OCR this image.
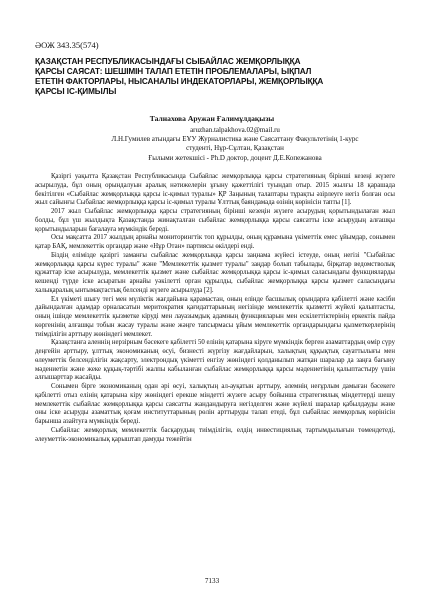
ӘОЖ 343.35(574)
ҚАЗАҚСТАН РЕСПУБЛИКАСЫНДАҒЫ СЫБАЙЛАС ЖЕМҚОРЛЫҚҚА
ҚАРСЫ САЯСАТ: ШЕШІМІН ТАЛАП ЕТЕТІН ПРОБЛЕМАЛАРЫ, ЫҚПАЛ
ЕТЕТІН ФАКТОРЛАРЫ, НЫСАНАЛЫ ИНДЕКАТОРЛАРЫ, ЖЕМҚОРЛЫҚҚА
ҚАРСЫ ІС-ҚИМЫЛЫ
Талнахова Аружан Ғалимұлдақызы
aruzhan.talpakhova.02@mail.ru
Л.Н.Гумилев атындағы ЕҰУ Журналистика және Саясаттану Факультетінің 1-курс
студенті, Нұр-Сұлтан, Қазақстан
Ғылыми жетекшісі - Ph.D доктор, доцент Д.Е.Копежанова

Қазіргі уақытта Қазақстан Республикасында Сыбайлас жемқорлыққа қарсы стратегияның бірінші кезеңі жүзеге асырылуда, бұл оның орындалуын аралық нәтижелерін ұғыну қажеттілігі туындап отыр. 2015 жылғы 18 қарашада бекітілген «Сыбайлас жемқорлыққа қарсы іс-қимыл туралы» ҚР Заңының талаптары тұрақты әзірлеуге негіз болған осы жыл сайынғы Сыбайлас жемқорлыққа қарсы іс-қимыл туралы Ұлттық баяндамада өзінің көрінісін тапты [1].

2017 жыл Сыбайлас жемқорлыққа қарсы стратегияның бірінші кезеңін жүзеге асырудың қорытындылаған жыл болды, бұл үш жылдықта Қазақстанда жинақталған сыбайлас жемқорлыққа қарсы саясатты іске асырудың алғашқы қорытындыларын бағалауға мүмкіндік береді.

Осы мақсатта 2017 жылдың арнайы мониторингтік топ құрылды, оның құрамына үкіметтік емес ұйымдар, сонымен қатар БАҚ, мемлекеттік органдар және «Нұр Отан» партиясы өкілдері енді.

Біздің елімізде қазіргі заманғы сыбайлас жемқорлыққа қарсы заңнама жүйесі істеуде, оның негізі "Сыбайлас жемқорлыққа қарсы күрес туралы" және "Мемлекеттік қызмет туралы" заңдар болып табылады, бірқатар ведомстволық құжаттар іске асырылуда, мемлекеттік қызмет және сыбайлас жемқорлыққа қарсы іс-қимыл саласындағы функцияларды кешенді түрде іске асыратын арнайы уәкілетті орган құрылды, сыбайлас жемқорлыққа қарсы қызмет саласындағы халықаралық ынтымақтастық белсенді жүзеге асырылуда [2].

Ел үкіметі шығу тегі мен мүліктік жағдайына қарамастан, оның елінде басшылық орындарға қабілетті және кәсіби дайындалған адамдар орналасатын меритократия қағидаттарының негізінде мемлекеттік қызметті жүйелі қалыптасты, оның ішінде мемлекеттік қызметке кіруді мен лауазымдық адамның функцияларын мен ескілеттіктерінің еркектік пайда көргенінің алғашқы тобын жасау туралы және жәңге тапсырмасы ұйым мемлекеттік органдарындағы қызметкерлерінің тиімділігін арттыру жөніндегі мемлекет.

Қазақстанға аленнің нерзірным бәсекеге қабілетті 50 елінің қатарына кіруге мүмкіндік берген азаматтардың өмір сүру деңгейін арттыру, ұлттық экономиканың өсуі, бизнесті жүргізу жағдайларын, халықтың құқықтық сауаттылығы мен өлеуметтік белсенділігін жақсарту, электрондық үкіметті енгізу жөніндегі қолданылып жатқан шаралар да заңға бағыну мәдениетін және жеке құқық-тәртібі жалпы кабыланған сыбайлас жемқорлыққа қарсы мәдениетінің қалыптастыру үшін алғышарттар жасайды.

Сонымен бірге экономиканың одан әрі өсуі, халықтың ал-ауқатын арттыру, әлемнің неғұрлым дамыған бәсекеге қабілетті отыз елінің қатарына кіру жөніндегі ерекше міндетті жүзеге асыру бойынша стратегиялық міндеттерді шешу мемлекеттік сыбайлас жемқорлыққа қарсы саясатты жандандыруға негізделген және жүйелі шаралар қабылдауды және оны іске асыруды азаматтық қоғам институттарының рөлін арттыруды талап етеді, бұл сыбайлас жемқорлық көрінісін барынша азайтуға мүмкіндік береді.

Сыбайлас жемқорлық мемлекеттік басқарудың тиімділігін, елдің инвестициялық тартымдылығын төмендетеді, әлеуметтік-экономикалық қарыштап дамуды тежейтін

7133
